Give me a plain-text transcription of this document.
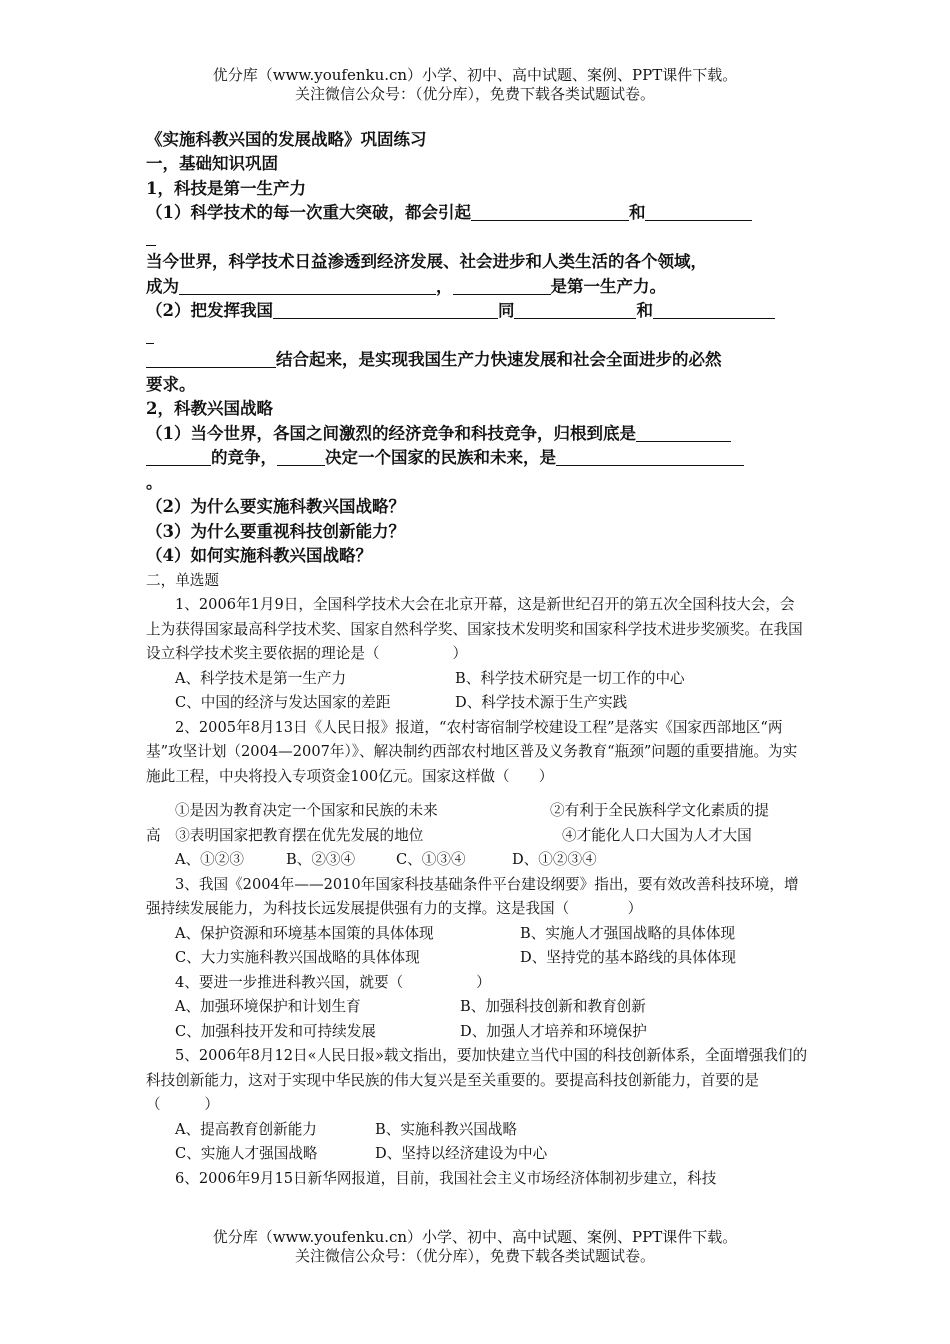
优分库（www.youfenku.cn）小学、初中、高中试题、案例、PPT课件下载。
关注微信公众号：（优分库），免费下载各类试题试卷。

《实施科教兴国的发展战略》巩固练习

一，基础知识巩固

1，科技是第一生产力

（1）科学技术的每一次重大突破，都会引起	和

当今世界，科学技术日益渗透到经济发展、社会进步和人类生活的各个领域，

成为	，	是第一生产力。

（2）把发挥我国	同	和

结合起来，是实现我国生产力快速发展和社会全面进步的必然

要求。

2，科教兴国战略

（1）当今世界，各国之间激烈的经济竞争和科技竞争，归根到底是

的竞争，	决定一个国家的民族和未来，是

。

（2）为什么要实施科教兴国战略？

（3）为什么要重视科技创新能力？

（4）如何实施科教兴国战略？

二，单选题

1、2006年1月9日，全国科学技术大会在北京开幕，这是新世纪召开的第五次全国科技大会，会上为获得国家最高科学技术奖、国家自然科学奖、国家技术发明奖和国家科学技术进步奖颁奖。在我国设立科学技术奖主要依据的理论是（　　　　　）

A、科学技术是第一生产力	B、科学技术研究是一切工作的中心
C、中国的经济与发达国家的差距	D、科学技术源于生产实践

2、2005年8月13日《人民日报》报道，“农村寄宿制学校建设工程”是落实《国家西部地区“两基”攻坚计划（2004—2007年）》、解决制约西部农村地区普及义务教育“瓶颈”问题的重要措施。为实施此工程，中央将投入专项资金100亿元。国家这样做（　　）

①是因为教育决定一个国家和民族的未来	②有利于全民族科学文化素质的提
高　③表明国家把教育摆在优先发展的地位	④才能化人口大国为人才大国
A、①②③	B、②③④	C、①③④	D、①②③④

3、我国《2004年——2010年国家科技基础条件平台建设纲要》指出，要有效改善科技环境，增强持续发展能力，为科技长远发展提供强有力的支撑。这是我国（　　　　）

A、保护资源和环境基本国策的具体体现	B、实施人才强国战略的具体体现
C、大力实施科教兴国战略的具体体现	D、坚持党的基本路线的具体体现

4、要进一步推进科教兴国，就要（　　　　　）

A、加强环境保护和计划生育	B、加强科技创新和教育创新
C、加强科技开发和可持续发展	D、加强人才培养和环境保护

5、2006年8月12日«人民日报»载文指出，要加快建立当代中国的科技创新体系，全面增强我们的科技创新能力，这对于实现中华民族的伟大复兴是至关重要的。要提高科技创新能力，首要的是（　　　）

A、提高教育创新能力	B、实施科教兴国战略
C、实施人才强国战略	D、坚持以经济建设为中心

6、2006年9月15日新华网报道，目前，我国社会主义市场经济体制初步建立，科技

优分库（www.youfenku.cn）小学、初中、高中试题、案例、PPT课件下载。
关注微信公众号：（优分库），免费下载各类试题试卷。
